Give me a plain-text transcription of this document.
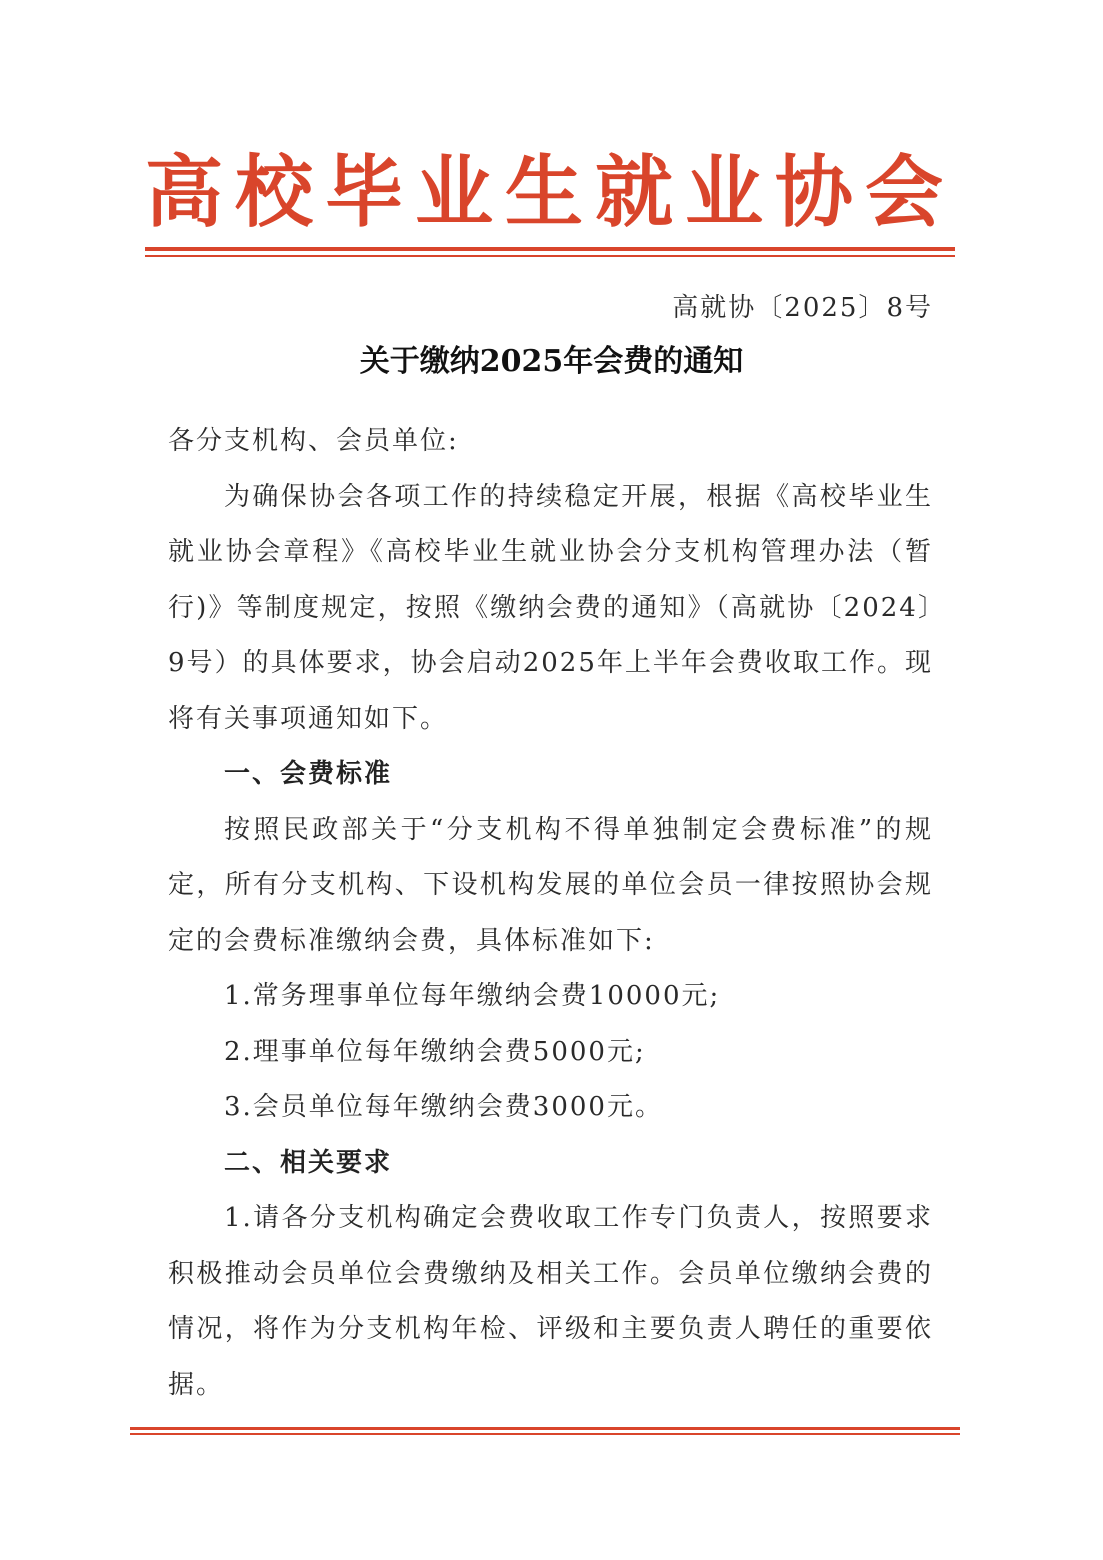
高校毕业生就业协会
高就协〔2025〕8号
关于缴纳2025年会费的通知

各分支机构、会员单位:

为确保协会各项工作的持续稳定开展，根据《高校毕业生就业协会章程》《高校毕业生就业协会分支机构管理办法（暂行)》等制度规定，按照《缴纳会费的通知》（高就协〔2024〕9号）的具体要求，协会启动2025年上半年会费收取工作。现将有关事项通知如下。

一、会费标准

按照民政部关于“分支机构不得单独制定会费标准”的规定，所有分支机构、下设机构发展的单位会员一律按照协会规定的会费标准缴纳会费，具体标准如下:

1.常务理事单位每年缴纳会费10000元;

2.理事单位每年缴纳会费5000元;

3.会员单位每年缴纳会费3000元。

二、相关要求

1.请各分支机构确定会费收取工作专门负责人，按照要求积极推动会员单位会费缴纳及相关工作。会员单位缴纳会费的情况，将作为分支机构年检、评级和主要负责人聘任的重要依据。
